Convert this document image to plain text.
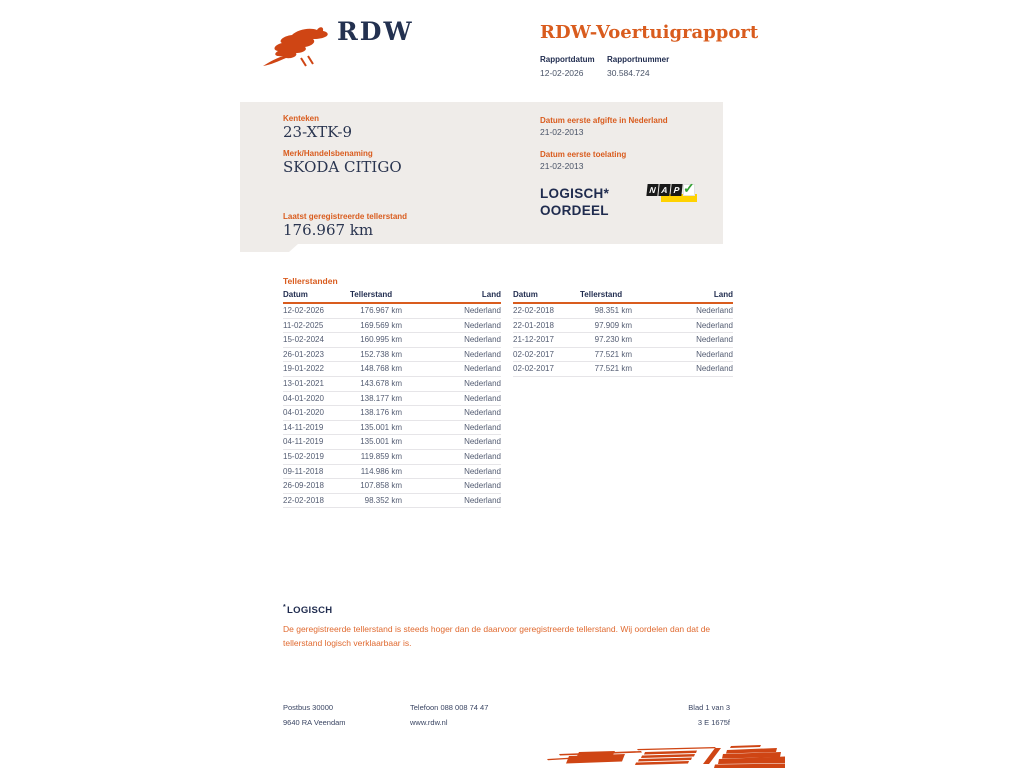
RDW	RDW-Voertuigrapport
Rapportdatum
12-02-2026
Rapportnummer
30.584.724
Kenteken
23-XTK-9
Merk/Handelsbenaming
SKODA CITIGO
Laatst geregistreerde tellerstand
176.967 km
Datum eerste afgifte in Nederland
21-02-2013
Datum eerste toelating
21-02-2013
LOGISCH*
OORDEEL
N A P ✓
Tellerstanden
Datum	Tellerstand	Land
12-02-2026	176.967 km	Nederland
11-02-2025	169.569 km	Nederland
15-02-2024	160.995 km	Nederland
26-01-2023	152.738 km	Nederland
19-01-2022	148.768 km	Nederland
13-01-2021	143.678 km	Nederland
04-01-2020	138.177 km	Nederland
04-01-2020	138.176 km	Nederland
14-11-2019	135.001 km	Nederland
04-11-2019	135.001 km	Nederland
15-02-2019	119.859 km	Nederland
09-11-2018	114.986 km	Nederland
26-09-2018	107.858 km	Nederland
22-02-2018	98.352 km	Nederland
Datum	Tellerstand	Land
22-02-2018	98.351 km	Nederland
22-01-2018	97.909 km	Nederland
21-12-2017	97.230 km	Nederland
02-02-2017	77.521 km	Nederland
02-02-2017	77.521 km	Nederland
*LOGISCH
De geregistreerde tellerstand is steeds hoger dan de daarvoor geregistreerde tellerstand. Wij oordelen dan dat de tellerstand logisch verklaarbaar is.
Postbus 30000
9640 RA Veendam
Telefoon 088 008 74 47
www.rdw.nl
Blad 1 van 3
3 E 1675f
